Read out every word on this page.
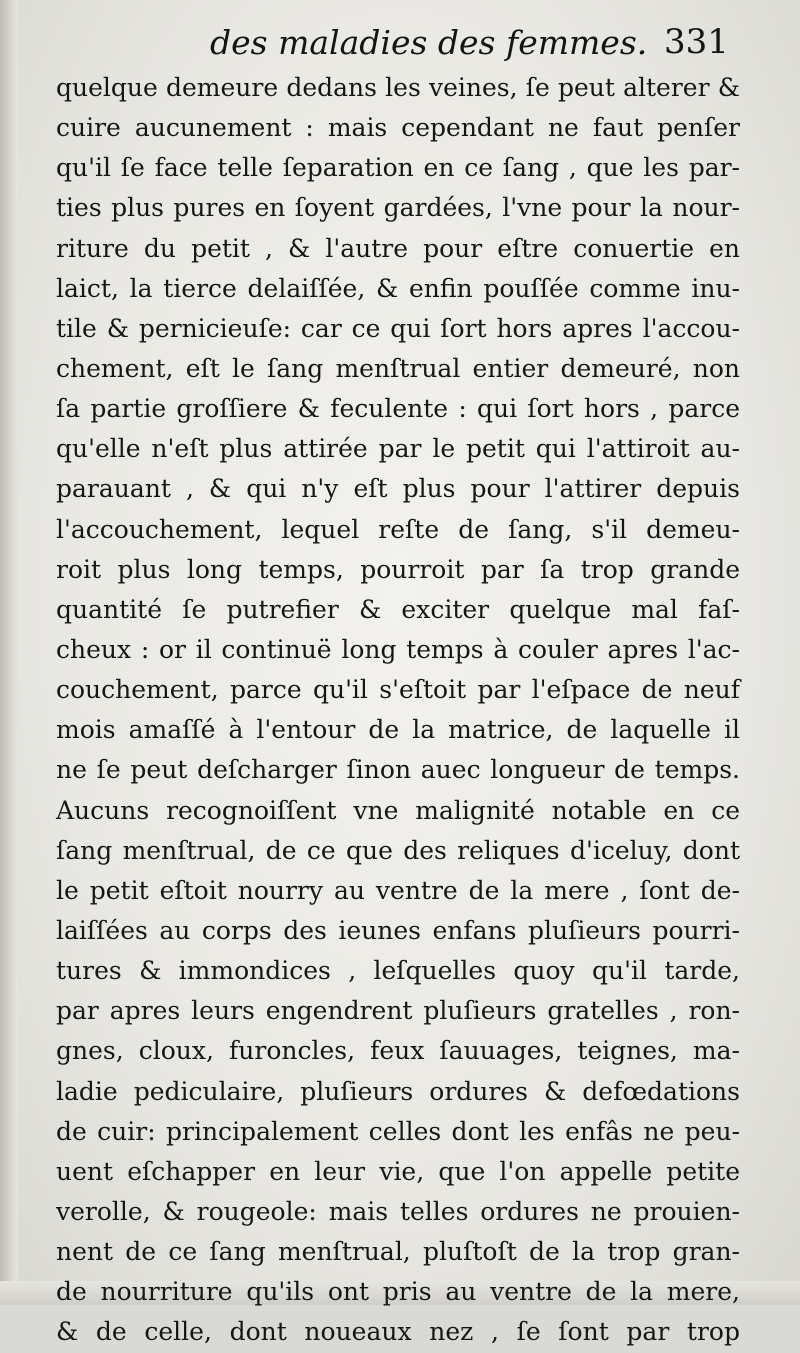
des maladies des femmes. 331
quelque demeure dedans les veines, ſe peut alterer &
cuire aucunement : mais cependant ne faut penſer
qu'il ſe face telle ſeparation en ce ſang , que les par-
ties plus pures en ſoyent gardées, l'vne pour la nour-
riture du petit , & l'autre pour eſtre conuertie en
laict, la tierce delaiſſée, & enfin pouſſée comme inu-
tile & pernicieuſe: car ce qui ſort hors apres l'accou-
chement, eſt le ſang menſtrual entier demeuré, non
ſa partie groſſiere & feculente : qui ſort hors , parce
qu'elle n'eſt plus attirée par le petit qui l'attiroit au-
parauant , & qui n'y eſt plus pour l'attirer depuis
l'accouchement, lequel reſte de ſang, s'il demeu-
roit plus long temps, pourroit par ſa trop grande
quantité ſe putrefier & exciter quelque mal faſ-
cheux : or il continuë long temps à couler apres l'ac-
couchement, parce qu'il s'eſtoit par l'eſpace de neuf
mois amaſſé à l'entour de la matrice, de laquelle il
ne ſe peut deſcharger ſinon auec longueur de temps.
Aucuns recognoiſſent vne malignité notable en ce
ſang menſtrual, de ce que des reliques d'iceluy, dont
le petit eſtoit nourry au ventre de la mere , ſont de-
laiſſées au corps des ieunes enfans pluſieurs pourri-
tures & immondices , leſquelles quoy qu'il tarde,
par apres leurs engendrent pluſieurs gratelles , ron-
gnes, cloux, furoncles, feux ſauuages, teignes, ma-
ladie pediculaire, pluſieurs ordures & defœdations
de cuir: principalement celles dont les enfâs ne peu-
uent eſchapper en leur vie, que l'on appelle petite
verolle, & rougeole: mais telles ordures ne prouien-
nent de ce ſang menſtrual, pluſtoſt de la trop gran-
de nourriture qu'ils ont pris au ventre de la mere,
& de celle, dont noueaux nez , ſe ſont par trop
